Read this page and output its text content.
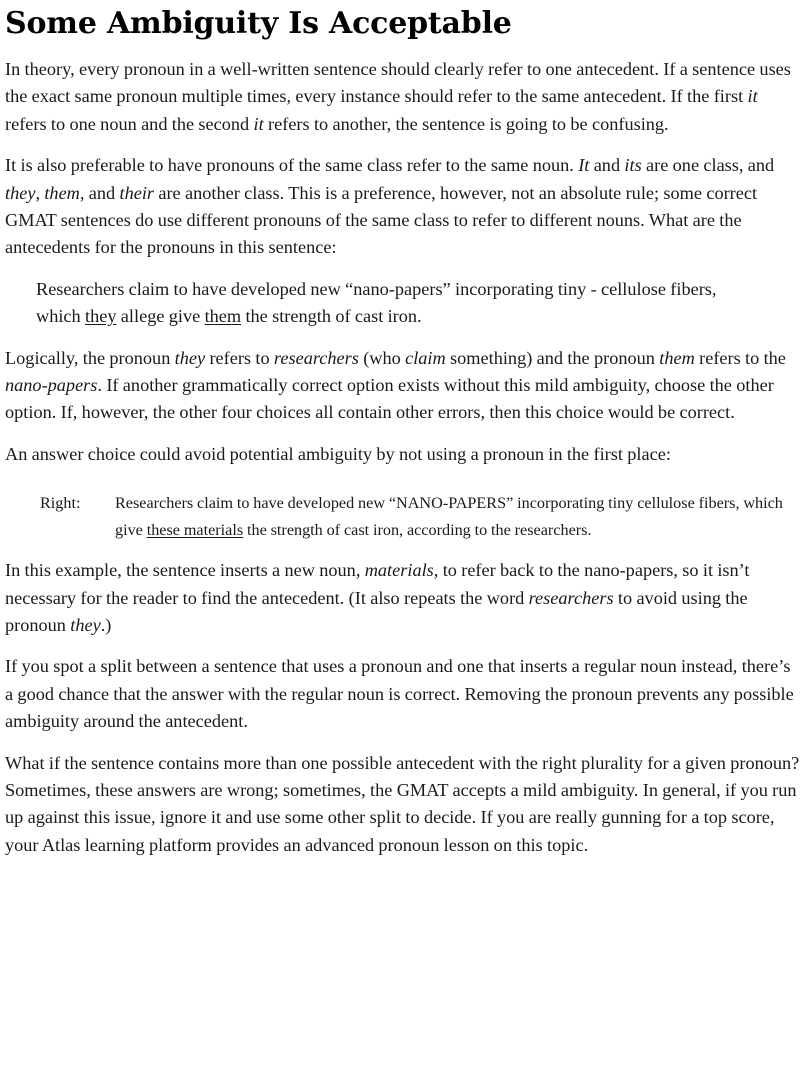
Some Ambiguity Is Acceptable

In theory, every pronoun in a well-written sentence should clearly refer to one antecedent. If a sentence uses the exact same pronoun multiple times, every instance should refer to the same antecedent. If the first it refers to one noun and the second it refers to another, the sentence is going to be confusing.

It is also preferable to have pronouns of the same class refer to the same noun. It and its are one class, and they, them, and their are another class. This is a preference, however, not an absolute rule; some correct GMAT sentences do use different pronouns of the same class to refer to different nouns. What are the antecedents for the pronouns in this sentence:

Researchers claim to have developed new “nano-papers” incorporating tiny - cellulose fibers, which they allege give them the strength of cast iron.

Logically, the pronoun they refers to researchers (who claim something) and the pronoun them refers to the nano-papers. If another grammatically correct option exists without this mild ambiguity, choose the other option. If, however, the other four choices all contain other errors, then this choice would be correct.

An answer choice could avoid potential ambiguity by not using a pronoun in the first place:

Right:	Researchers claim to have developed new “NANO-PAPERS” incorporating tiny cellulose fibers, which give these materials the strength of cast iron, according to the researchers.

In this example, the sentence inserts a new noun, materials, to refer back to the nano-papers, so it isn’t necessary for the reader to find the antecedent. (It also repeats the word researchers to avoid using the pronoun they.)

If you spot a split between a sentence that uses a pronoun and one that inserts a regular noun instead, there’s a good chance that the answer with the regular noun is correct. Removing the pronoun prevents any possible ambiguity around the antecedent.

What if the sentence contains more than one possible antecedent with the right plurality for a given pronoun? Sometimes, these answers are wrong; sometimes, the GMAT accepts a mild ambiguity. In general, if you run up against this issue, ignore it and use some other split to decide. If you are really gunning for a top score, your Atlas learning platform provides an advanced pronoun lesson on this topic.
